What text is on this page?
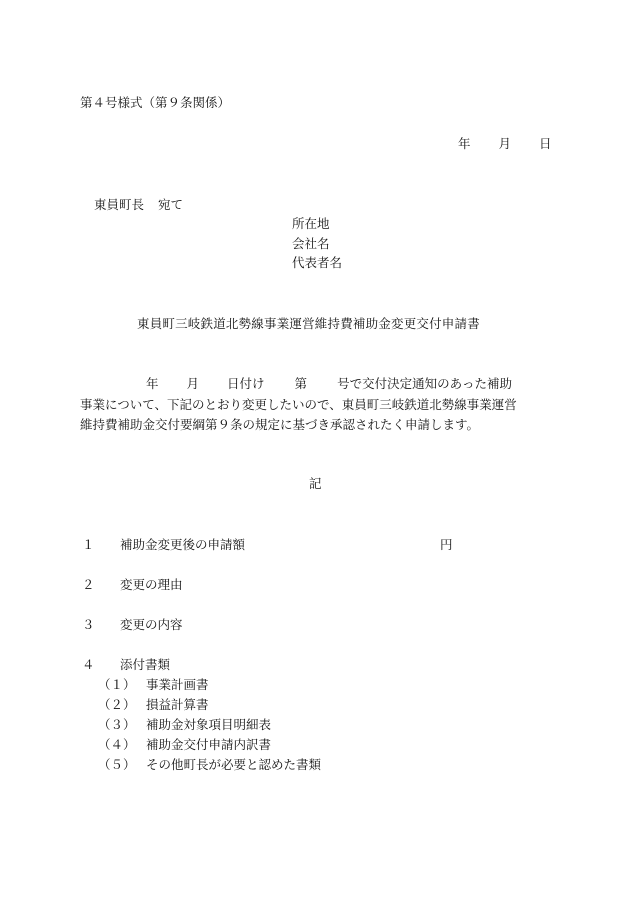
第４号様式（第９条関係）
年 月 日
東員町長 宛て
所在地
会社名
代表者名
東員町三岐鉄道北勢線事業運営維持費補助金変更交付申請書
年 月 日付け 第 号で交付決定通知のあった補助
事業について、下記のとおり変更したいので、東員町三岐鉄道北勢線事業運営
維持費補助金交付要綱第９条の規定に基づき承認されたく申請します。
記
１ 補助金変更後の申請額	円
２ 変更の理由
３ 変更の内容
４ 添付書類
（１） 事業計画書
（２） 損益計算書
（３） 補助金対象項目明細表
（４） 補助金交付申請内訳書
（５） その他町長が必要と認めた書類
